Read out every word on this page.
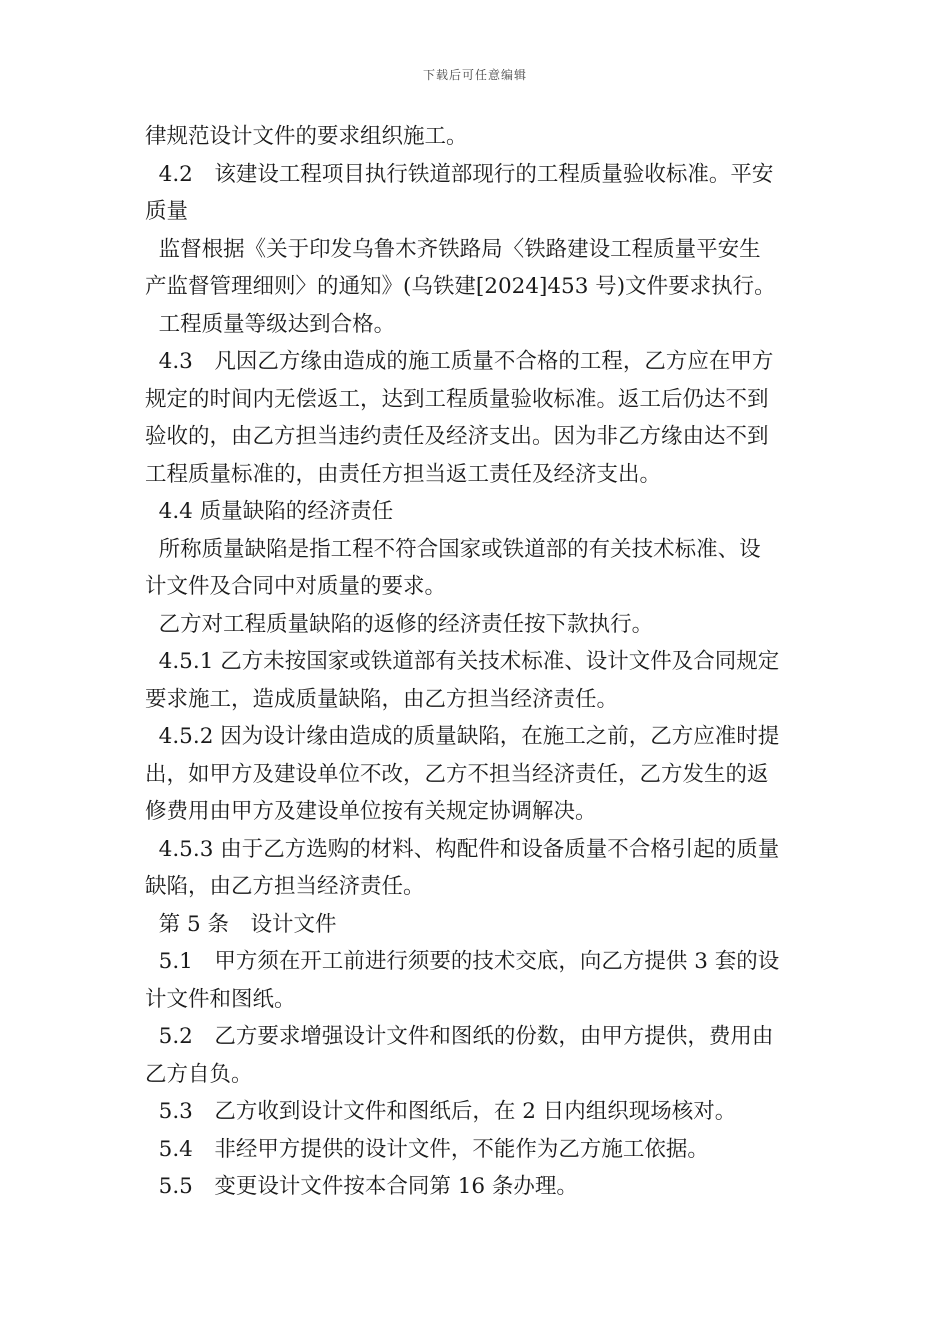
下载后可任意编辑

律规范设计文件的要求组织施工。

4.2　该建设工程项目执行铁道部现行的工程质量验收标准。平安

质量

监督根据《关于印发乌鲁木齐铁路局〈铁路建设工程质量平安生

产监督管理细则〉的通知》(乌铁建[2024]453 号)文件要求执行。

工程质量等级达到合格。

4.3　凡因乙方缘由造成的施工质量不合格的工程，乙方应在甲方

规定的时间内无偿返工，达到工程质量验收标准。返工后仍达不到

验收的，由乙方担当违约责任及经济支出。因为非乙方缘由达不到

工程质量标准的，由责任方担当返工责任及经济支出。

4.4 质量缺陷的经济责任

所称质量缺陷是指工程不符合国家或铁道部的有关技术标准、设

计文件及合同中对质量的要求。

乙方对工程质量缺陷的返修的经济责任按下款执行。

4.5.1 乙方未按国家或铁道部有关技术标准、设计文件及合同规定

要求施工，造成质量缺陷，由乙方担当经济责任。

4.5.2 因为设计缘由造成的质量缺陷，在施工之前，乙方应准时提

出，如甲方及建设单位不改，乙方不担当经济责任，乙方发生的返

修费用由甲方及建设单位按有关规定协调解决。

4.5.3 由于乙方选购的材料、构配件和设备质量不合格引起的质量

缺陷，由乙方担当经济责任。

第 5 条　设计文件

5.1　甲方须在开工前进行须要的技术交底，向乙方提供 3 套的设

计文件和图纸。

5.2　乙方要求增强设计文件和图纸的份数，由甲方提供，费用由

乙方自负。

5.3　乙方收到设计文件和图纸后，在 2 日内组织现场核对。

5.4　非经甲方提供的设计文件，不能作为乙方施工依据。

5.5　变更设计文件按本合同第 16 条办理。
